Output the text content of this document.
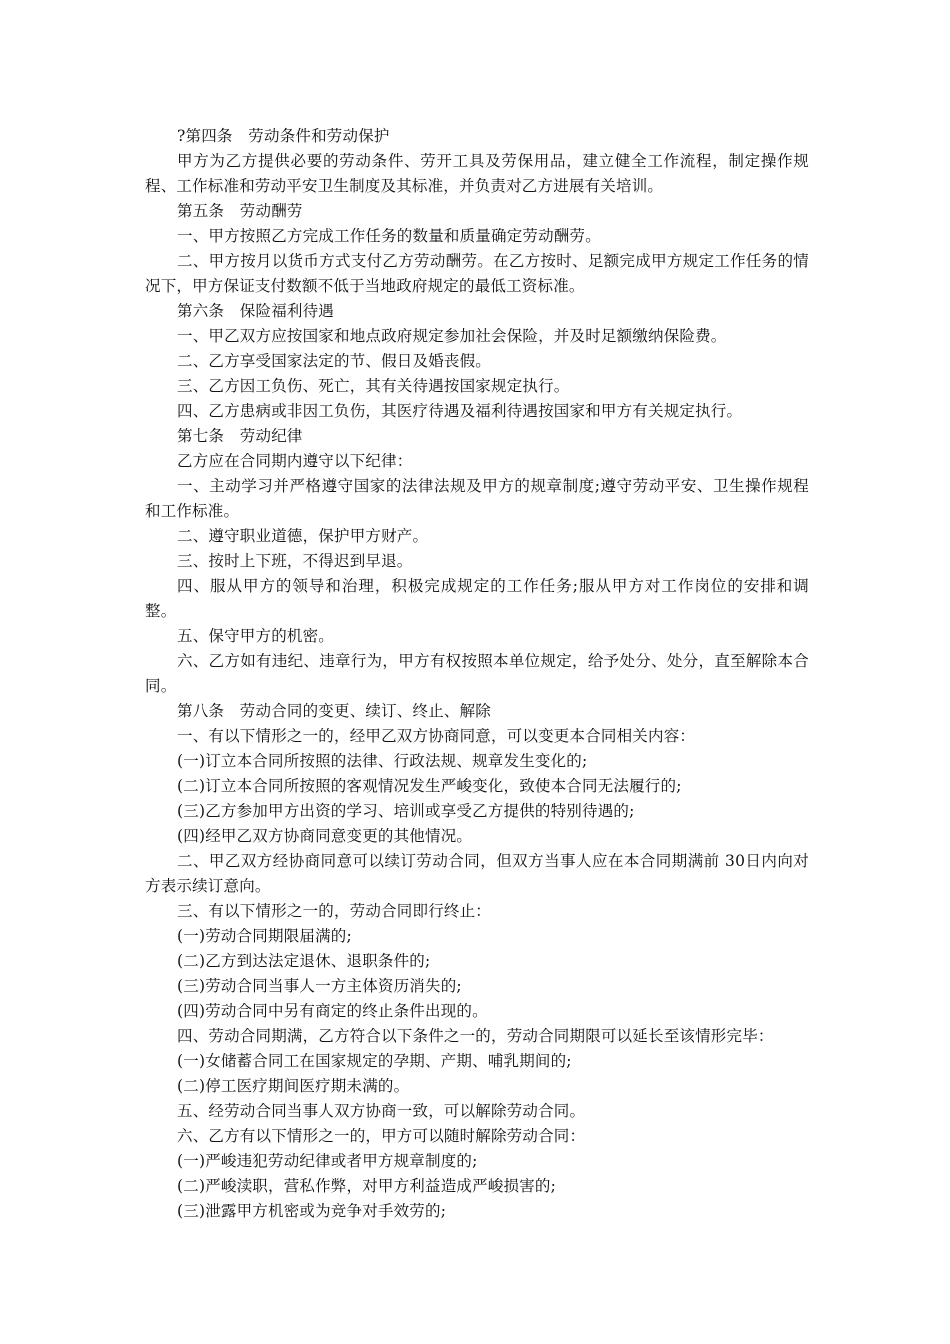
?第四条　劳动条件和劳动保护

甲方为乙方提供必要的劳动条件、劳开工具及劳保用品，建立健全工作流程，制定操作规程、工作标准和劳动平安卫生制度及其标准，并负责对乙方进展有关培训。

第五条　劳动酬劳

一、甲方按照乙方完成工作任务的数量和质量确定劳动酬劳。

二、甲方按月以货币方式支付乙方劳动酬劳。在乙方按时、足额完成甲方规定工作任务的情况下，甲方保证支付数额不低于当地政府规定的最低工资标准。

第六条　保险福利待遇

一、甲乙双方应按国家和地点政府规定参加社会保险，并及时足额缴纳保险费。

二、乙方享受国家法定的节、假日及婚丧假。

三、乙方因工负伤、死亡，其有关待遇按国家规定执行。

四、乙方患病或非因工负伤，其医疗待遇及福利待遇按国家和甲方有关规定执行。

第七条　劳动纪律

乙方应在合同期内遵守以下纪律：

一、主动学习并严格遵守国家的法律法规及甲方的规章制度;遵守劳动平安、卫生操作规程和工作标准。

二、遵守职业道德，保护甲方财产。

三、按时上下班，不得迟到早退。

四、服从甲方的领导和治理，积极完成规定的工作任务;服从甲方对工作岗位的安排和调整。

五、保守甲方的机密。

六、乙方如有违纪、违章行为，甲方有权按照本单位规定，给予处分、处分，直至解除本合同。

第八条　劳动合同的变更、续订、终止、解除

一、有以下情形之一的，经甲乙双方协商同意，可以变更本合同相关内容：

(一)订立本合同所按照的法律、行政法规、规章发生变化的;

(二)订立本合同所按照的客观情况发生严峻变化，致使本合同无法履行的;

(三)乙方参加甲方出资的学习、培训或享受乙方提供的特别待遇的;

(四)经甲乙双方协商同意变更的其他情况。

二、甲乙双方经协商同意可以续订劳动合同，但双方当事人应在本合同期满前 30日内向对方表示续订意向。

三、有以下情形之一的，劳动合同即行终止：

(一)劳动合同期限届满的;

(二)乙方到达法定退休、退职条件的;

(三)劳动合同当事人一方主体资历消失的;

(四)劳动合同中另有商定的终止条件出现的。

四、劳动合同期满，乙方符合以下条件之一的，劳动合同期限可以延长至该情形完毕：

(一)女储蓄合同工在国家规定的孕期、产期、哺乳期间的;

(二)停工医疗期间医疗期未满的。

五、经劳动合同当事人双方协商一致，可以解除劳动合同。

六、乙方有以下情形之一的，甲方可以随时解除劳动合同：

(一)严峻违犯劳动纪律或者甲方规章制度的;

(二)严峻渎职，营私作弊，对甲方利益造成严峻损害的;

(三)泄露甲方机密或为竞争对手效劳的;
